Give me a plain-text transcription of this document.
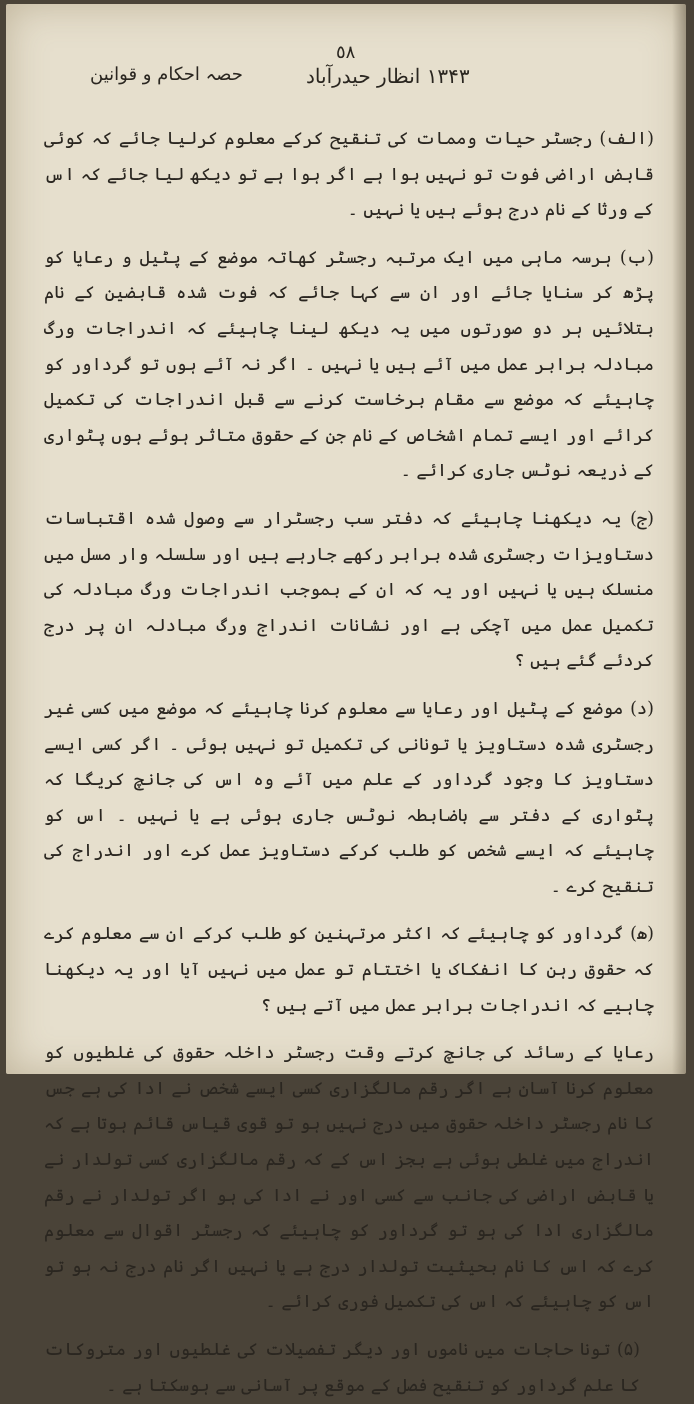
٥٨
۱۳۴۳ انظار حیدرآباد
حصہ احکام و قوانین

(الف) رجسٹر حیات وممات کی تنقیح کرکے معلوم کرلیا جائے کہ کوئی قابض اراضی فوت تو نہیں ہوا ہے اگر ہوا ہے تو دیکھ لیا جائے کہ اس کے ورثا کے نام درج ہوئے ہیں یا نہیں ۔

(ب) ہرسہ ماہی میں ایک مرتبہ رجسٹر کھاتہ موضع کے پٹیل و رعایا کو پڑھ کر سنایا جائے اور ان سے کہا جائے کہ فوت شدہ قابضین کے نام بتلائیں ہر دو صورتوں میں یہ دیکھ لینا چاہیئے کہ اندراجات ورگ مبادلہ برابر عمل میں آئے ہیں یا نہیں ۔ اگر نہ آئے ہوں تو گرداور کو چاہیئے کہ موضع سے مقام برخاست کرنے سے قبل اندراجات کی تکمیل کرائے اور ایسے تمام اشخاص کے نام جن کے حقوق متاثر ہوئے ہوں پٹواری کے ذریعہ نوٹس جاری کرائے ۔

(ج) یہ دیکھنا چاہیئے کہ دفتر سب رجسٹرار سے وصول شدہ اقتباسات دستاویزات رجسٹری شدہ برابر رکھے جارہے ہیں اور سلسلہ وار مسل میں منسلک ہیں یا نہیں اور یہ کہ ان کے بموجب اندراجات ورگ مبادلہ کی تکمیل عمل میں آچکی ہے اور نشانات اندراج ورگ مبادلہ ان پر درج کردئے گئے ہیں ؟

(د) موضع کے پٹیل اور رعایا سے معلوم کرنا چاہیئے کہ موضع میں کسی غیر رجسٹری شدہ دستاویز یا تونانی کی تکمیل تو نہیں ہوئی ۔ اگر کسی ایسے دستاویز کا وجود گرداور کے علم میں آئے وہ اس کی جانچ کریگا کہ پٹواری کے دفتر سے باضابطہ نوٹس جاری ہوئی ہے یا نہیں ۔ اس کو چاہیئے کہ ایسے شخص کو طلب کرکے دستاویز عمل کرے اور اندراج کی تنقیح کرے ۔

(ھ) گرداور کو چاہیئے کہ اکثر مرتہنین کو طلب کرکے ان سے معلوم کرے کہ حقوق رہن کا انفکاک یا اختتام تو عمل میں نہیں آیا اور یہ دیکھنا چاہیے کہ اندراجات برابر عمل میں آتے ہیں ؟

رعایا کے رسائد کی جانچ کرتے وقت رجسٹر داخلہ حقوق کی غلطیوں کو معلوم کرنا آسان ہے اگر رقم مالگزاری کسی ایسے شخص نے ادا کی ہے جس کا نام رجسٹر داخلہ حقوق میں درج نہیں ہو تو قوی قیاس قائم ہوتا ہے کہ اندراج میں غلطی ہوئی ہے بجز اس کے کہ رقم مالگزاری کسی تولدار نے یا قابض اراضی کی جانب سے کسی اور نے ادا کی ہو اگر تولدار نے رقم مالگزاری ادا کی ہو تو گرداور کو چاہیئے کہ رجسٹر اقوال سے معلوم کرے کہ اس کا نام بحیثیت تولدار درج ہے یا نہیں اگر نام درج نہ ہو تو اس کو چاہیئے کہ اس کی تکمیل فوری کرائے ۔

(۵) تونا حاجات میں ناموں اور دیگر تفصیلات کی غلطیوں اور متروکات کا علم گرداور کو تنقیح فصل کے موقع پر آسانی سے ہوسکتا ہے ۔
